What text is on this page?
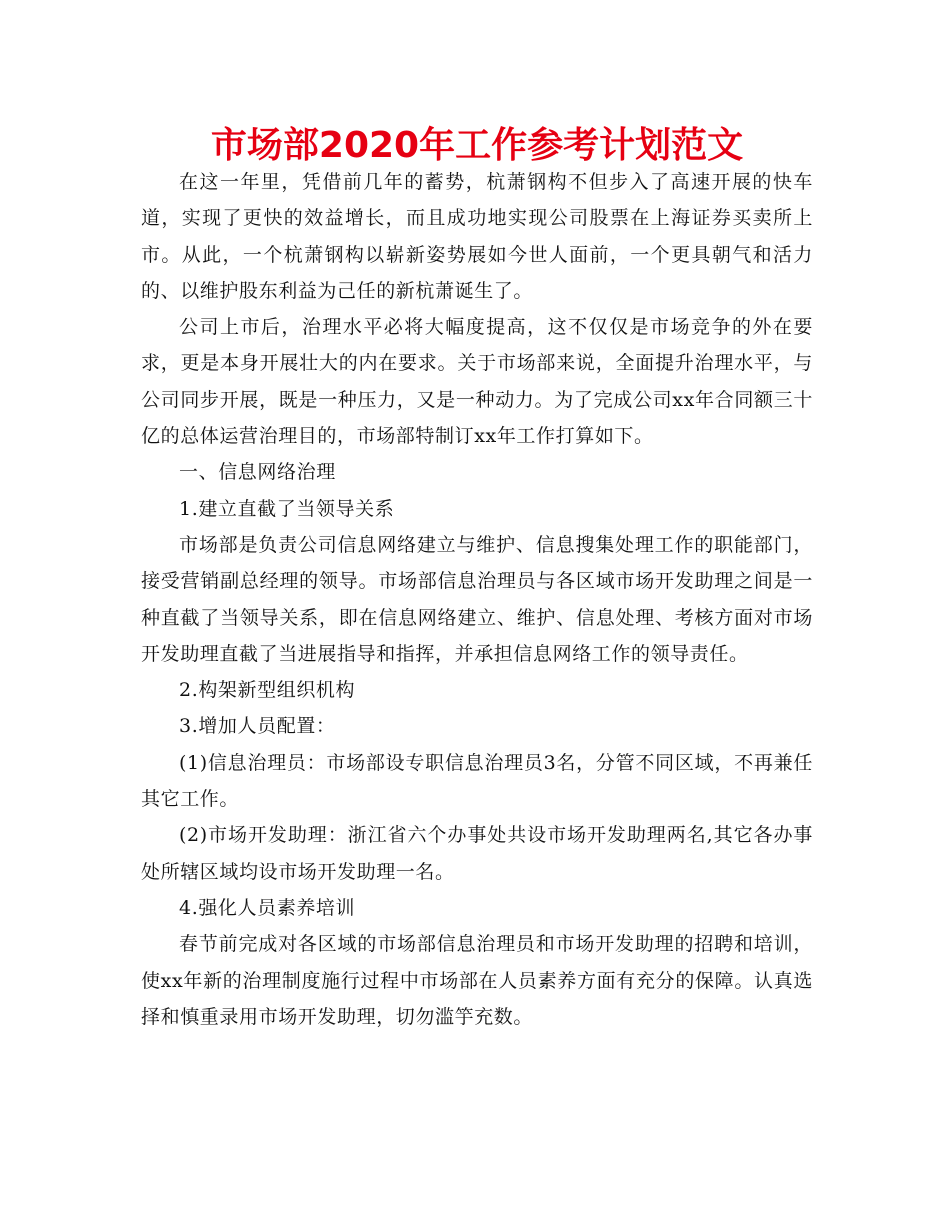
市场部2020年工作参考计划范文

在这一年里，凭借前几年的蓄势，杭萧钢构不但步入了高速开展的快车道，实现了更快的效益增长，而且成功地实现公司股票在上海证券买卖所上市。从此，一个杭萧钢构以崭新姿势展如今世人面前，一个更具朝气和活力的、以维护股东利益为己任的新杭萧诞生了。

公司上市后，治理水平必将大幅度提高，这不仅仅是市场竞争的外在要求，更是本身开展壮大的内在要求。关于市场部来说，全面提升治理水平，与公司同步开展，既是一种压力，又是一种动力。为了完成公司xx年合同额三十亿的总体运营治理目的，市场部特制订xx年工作打算如下。

一、信息网络治理

1.建立直截了当领导关系

市场部是负责公司信息网络建立与维护、信息搜集处理工作的职能部门，接受营销副总经理的领导。市场部信息治理员与各区域市场开发助理之间是一种直截了当领导关系，即在信息网络建立、维护、信息处理、考核方面对市场开发助理直截了当进展指导和指挥，并承担信息网络工作的领导责任。

2.构架新型组织机构

3.增加人员配置：

(1)信息治理员：市场部设专职信息治理员3名，分管不同区域，不再兼任其它工作。

(2)市场开发助理：浙江省六个办事处共设市场开发助理两名,其它各办事处所辖区域均设市场开发助理一名。

4.强化人员素养培训

春节前完成对各区域的市场部信息治理员和市场开发助理的招聘和培训，使xx年新的治理制度施行过程中市场部在人员素养方面有充分的保障。认真选择和慎重录用市场开发助理，切勿滥竽充数。
